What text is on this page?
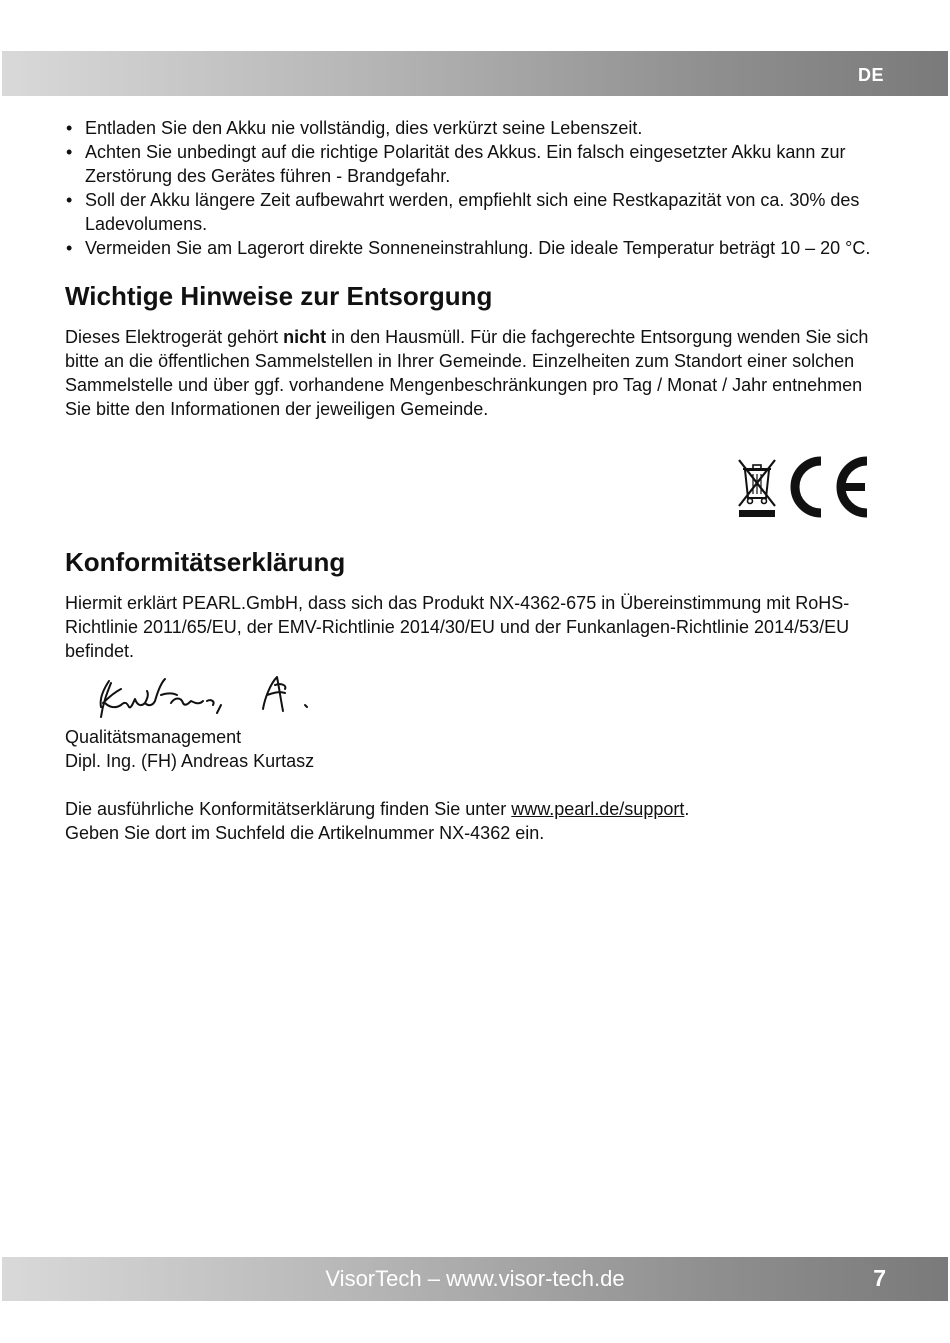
DE
• Entladen Sie den Akku nie vollständig, dies verkürzt seine Lebenszeit.
• Achten Sie unbedingt auf die richtige Polarität des Akkus. Ein falsch eingesetzter Akku kann zur Zerstörung des Gerätes führen - Brandgefahr.
• Soll der Akku längere Zeit aufbewahrt werden, empfiehlt sich eine Restkapazität von ca. 30% des Ladevolumens.
• Vermeiden Sie am Lagerort direkte Sonneneinstrahlung. Die ideale Temperatur beträgt 10 – 20 °C.
Wichtige Hinweise zur Entsorgung

Dieses Elektrogerät gehört nicht in den Hausmüll. Für die fachgerechte Entsorgung wenden Sie sich bitte an die öffentlichen Sammelstellen in Ihrer Gemeinde. Einzelheiten zum Standort einer solchen Sammelstelle und über ggf. vorhandene Mengenbeschränkungen pro Tag / Monat / Jahr entnehmen Sie bitte den Informationen der jeweiligen Gemeinde.

Konformitätserklärung

Hiermit erklärt PEARL.GmbH, dass sich das Produkt NX-4362-675 in Übereinstimmung mit RoHS-Richtlinie 2011/65/EU, der EMV-Richtlinie 2014/30/EU und der Funkanlagen-Richtlinie 2014/53/EU befindet.

Qualitätsmanagement

Dipl. Ing. (FH) Andreas Kurtasz

Die ausführliche Konformitätserklärung finden Sie unter www.pearl.de/support.

Geben Sie dort im Suchfeld die Artikelnummer NX-4362 ein.

VisorTech – www.visor-tech.de	7
